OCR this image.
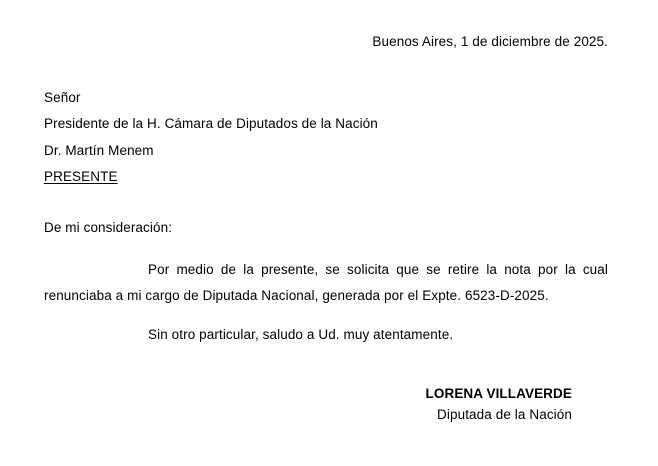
Buenos Aires, 1 de diciembre de 2025.
Señor
Presidente de la H. Cámara de Diputados de la Nación
Dr. Martín Menem
PRESENTE
De mi consideración:
Por medio de la presente, se solicita que se retire la nota por la cual renunciaba a mi cargo de Diputada Nacional, generada por el Expte. 6523-D-2025.
Sin otro particular, saludo a Ud. muy atentamente.
LORENA VILLAVERDE
Diputada de la Nación
